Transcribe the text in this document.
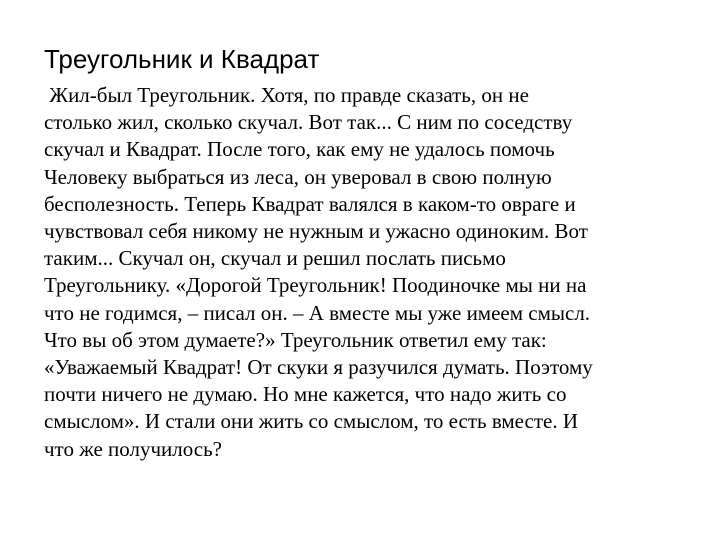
Треугольник и Квадрат
Жил-был Треугольник. Хотя, по правде сказать, он не
столько жил, сколько скучал. Вот так... С ним по соседству
скучал и Квадрат. После того, как ему не удалось помочь
Человеку выбраться из леса, он уверовал в свою полную
бесполезность. Теперь Квадрат валялся в каком-то овраге и
чувствовал себя никому не нужным и ужасно одиноким. Вот
таким... Скучал он, скучал и решил послать письмо
Треугольнику. «Дорогой Треугольник! Поодиночке мы ни на
что не годимся, – писал он. – А вместе мы уже имеем смысл.
Что вы об этом думаете?» Треугольник ответил ему так:
«Уважаемый Квадрат! От скуки я разучился думать. Поэтому
почти ничего не думаю. Но мне кажется, что надо жить со
смыслом». И стали они жить со смыслом, то есть вместе. И
что же получилось?
